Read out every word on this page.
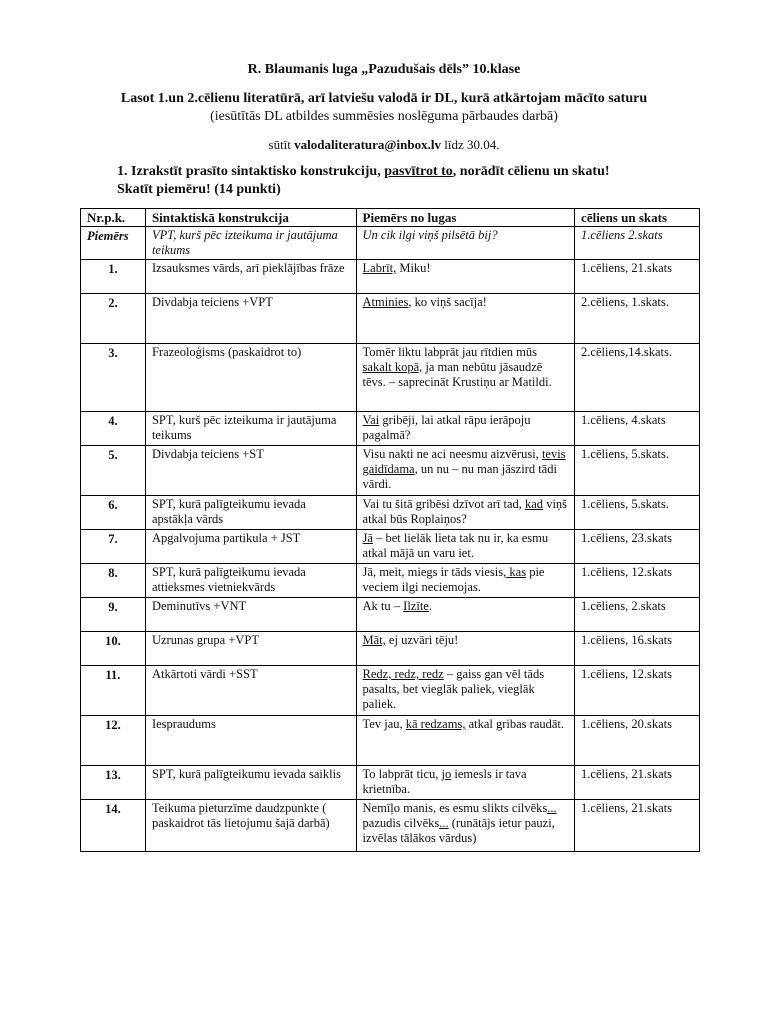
R. Blaumanis luga „Pazudušais dēls” 10.klase
Lasot 1.un 2.cēlienu literatūrā, arī latviešu valodā ir DL, kurā atkārtojam mācīto saturu (iesūtītās DL atbildes summēsies noslēguma pārbaudes darbā)
sūtīt valodaliteratura@inbox.lv līdz 30.04.
1. Izrakstīt prasīto sintaktisko konstrukciju, pasvītrot to, norādīt cēlienu un skatu! Skatīt piemēru! (14 punkti)
Nr.p.k.	Sintaktiskā konstrukcija	Piemērs no lugas	cēliens un skats
Piemērs	VPT, kurš pēc izteikuma ir jautājuma teikums	Un cik ilgi viņš pilsētā bij?	1.cēliens 2.skats
1.	Izsauksmes vārds, arī pieklājības frāze	Labrīt, Miku!	1.cēliens, 21.skats
2.	Divdabja teiciens +VPT	Atminies, ko viņš sacīja!	2.cēliens, 1.skats.
3.	Frazeoloģisms (paskaidrot to)	Tomēr liktu labprāt jau rītdien mūs sakalt kopā, ja man nebūtu jāsaudzē tēvs. – saprecināt Krustiņu ar Matildi.	2.cēliens,14.skats.
4.	SPT, kurš pēc izteikuma ir jautājuma teikums	Vai gribēji, lai atkal rāpu ierāpoju pagalmā?	1.cēliens, 4.skats
5.	Divdabja teiciens +ST	Visu nakti ne aci neesmu aizvērusi, tevis gaidīdama, un nu – nu man jāszird tādi vārdi.	1.cēliens, 5.skats.
6.	SPT, kurā palīgteikumu ievada apstākļa vārds	Vai tu šitā gribēsi dzīvot arī tad, kad viņš atkal būs Roplaiņos?	1.cēliens, 5.skats.
7.	Apgalvojuma partikula + JST	Jā – bet lielāk lieta tak nu ir, ka esmu atkal mājā un varu iet.	1.cēliens, 23.skats
8.	SPT, kurā palīgteikumu ievada attieksmes vietniekvārds	Jā, meit, miegs ir tāds viesis, kas pie veciem ilgi neciemojas.	1.cēliens, 12.skats
9.	Deminutīvs +VNT	Ak tu – Ilzīte.	1.cēliens, 2.skats
10.	Uzrunas grupa +VPT	Māt, ej uzvāri tēju!	1.cēliens, 16.skats
11.	Atkārtoti vārdi +SST	Redz, redz, redz – gaiss gan vēl tāds pasalts, bet vieglāk paliek, vieglāk paliek.	1.cēliens, 12.skats
12.	Iespraudums	Tev jau, kā redzams, atkal gribas raudāt.	1.cēliens, 20.skats
13.	SPT, kurā palīgteikumu ievada saiklis	To labprāt ticu, jo iemesls ir tava krietnība.	1.cēliens, 21.skats
14.	Teikuma pieturzīme daudzpunkte ( paskaidrot tās lietojumu šajā darbā)	Nemīļo manis, es esmu slikts cilvēks... pazudis cilvēks... (runātājs ietur pauzi, izvēlas tālākos vārdus)	1.cēliens, 21.skats
